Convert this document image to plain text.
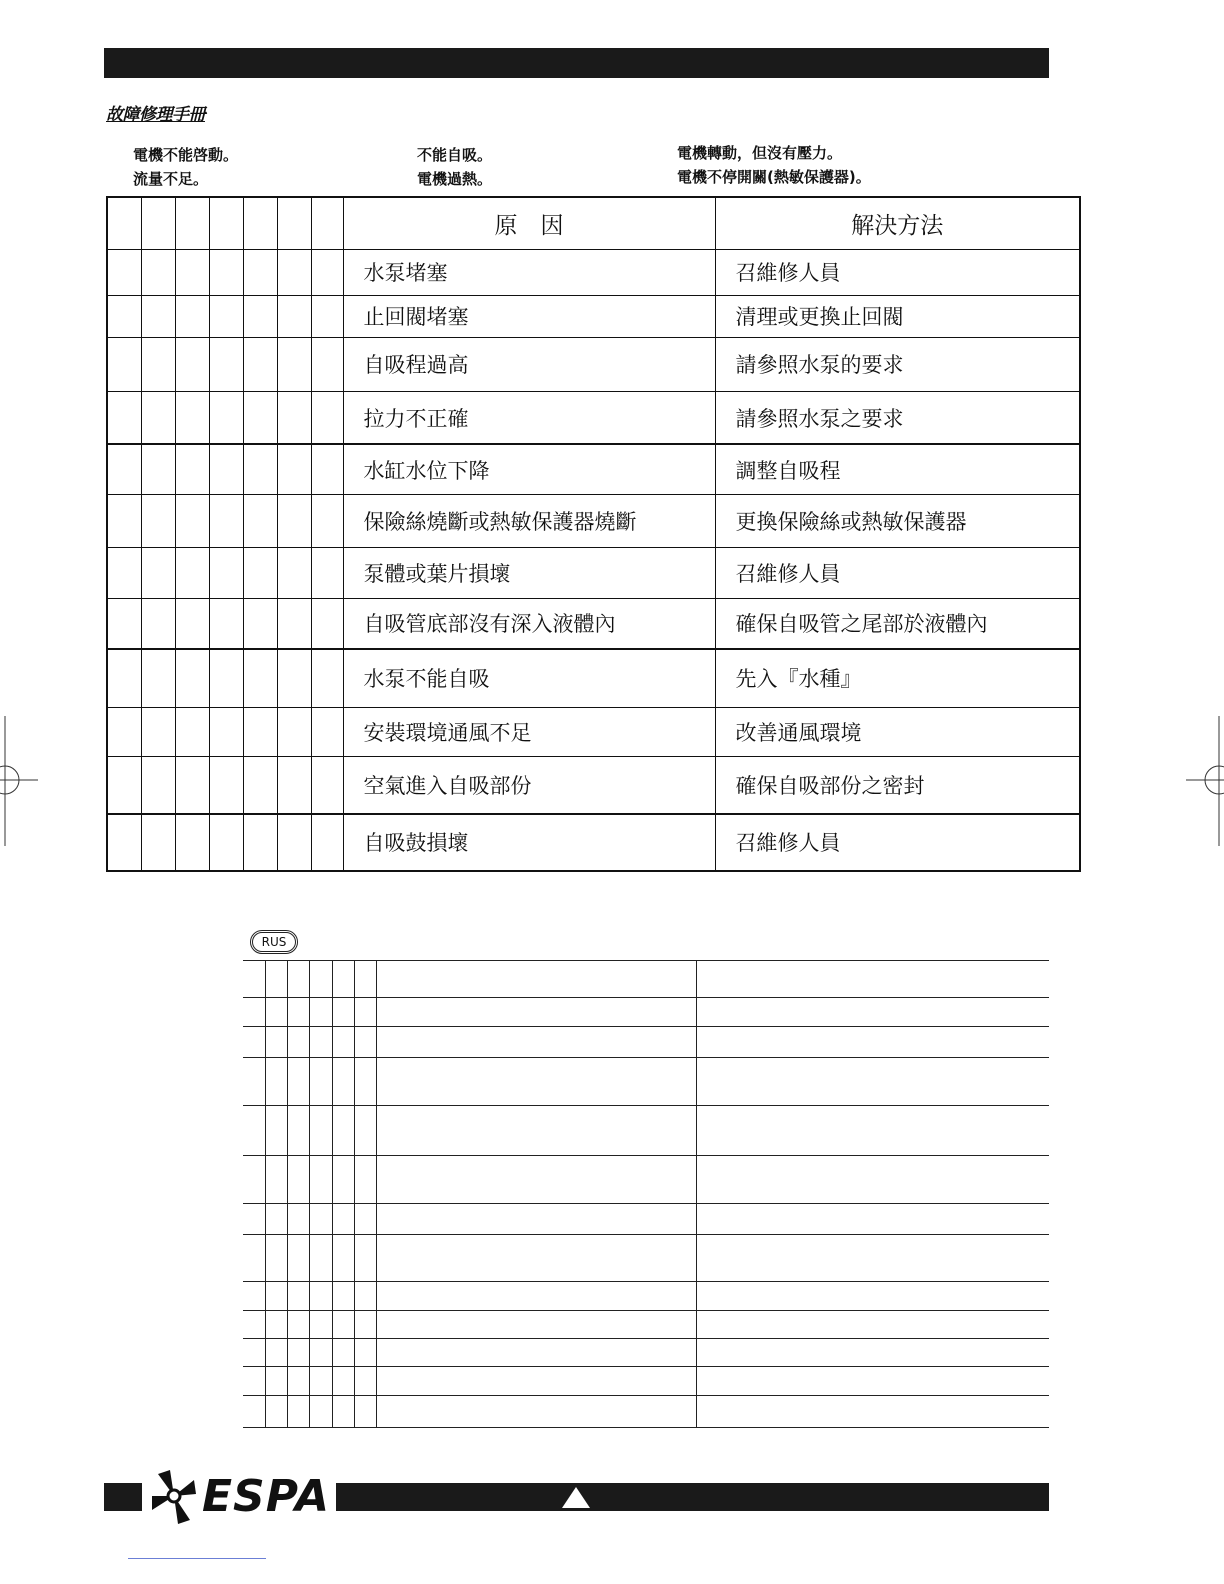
故障修理手冊
電機不能啓動。
流量不足。
不能自吸。
電機過熱。
電機轉動，但沒有壓力。
電機不停開關(熱敏保護器)。
							原　因	解決方法
							水泵堵塞	召維修人員
							止回閥堵塞	清理或更換止回閥
							自吸程過高	請參照水泵的要求
							拉力不正確	請參照水泵之要求
							水缸水位下降	調整自吸程
							保險絲燒斷或熱敏保護器燒斷	更換保險絲或熱敏保護器
							泵體或葉片損壞	召維修人員
							自吸管底部沒有深入液體內	確保自吸管之尾部於液體內
							水泵不能自吸	先入『水種』
							安裝環境通風不足	改善通風環境
							空氣進入自吸部份	確保自吸部份之密封
							自吸鼓損壞	召維修人員
RUS

ESPA
